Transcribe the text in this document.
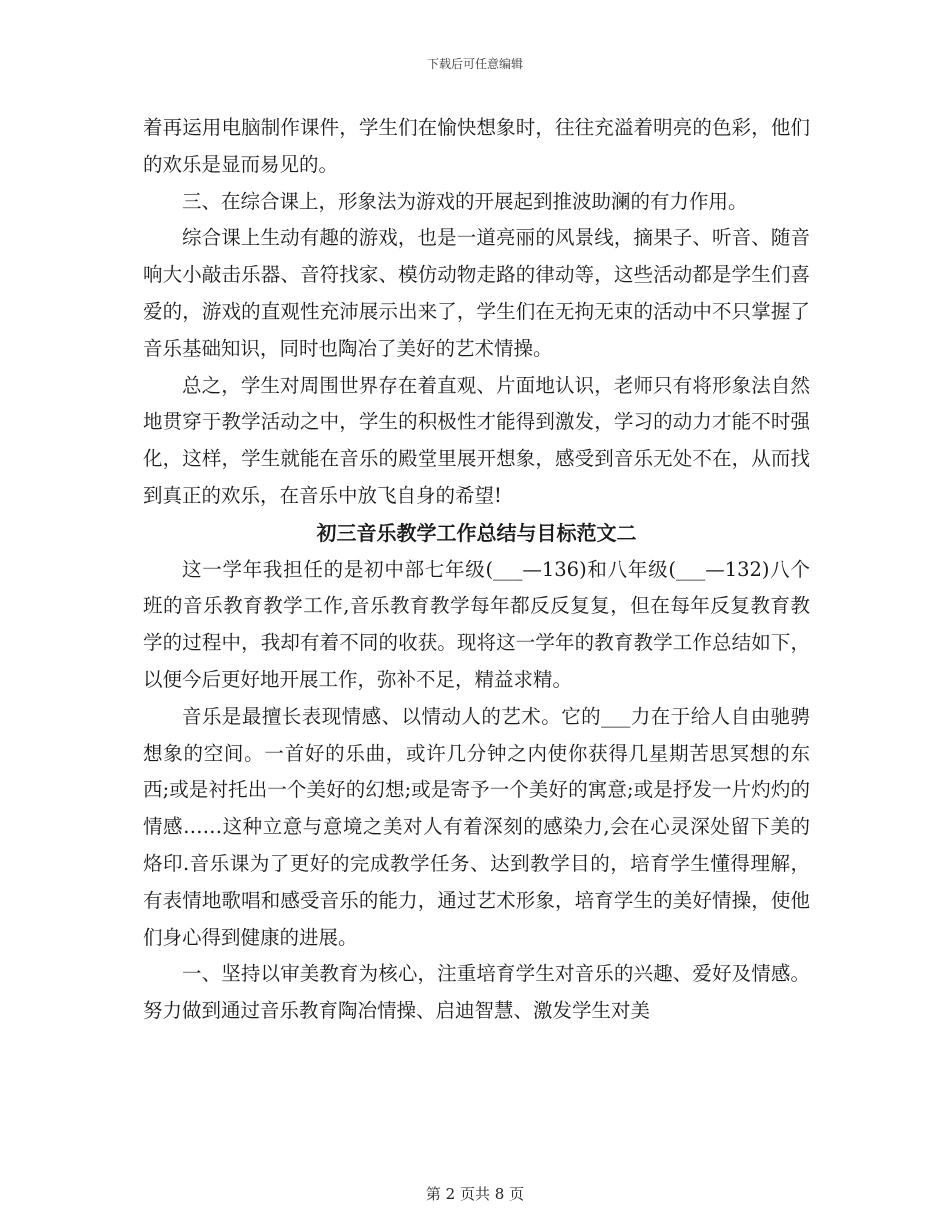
下载后可任意编辑

着再运用电脑制作课件，学生们在愉快想象时，往往充溢着明亮的色彩，他们的欢乐是显而易见的。

三、在综合课上，形象法为游戏的开展起到推波助澜的有力作用。

综合课上生动有趣的游戏，也是一道亮丽的风景线，摘果子、听音、随音响大小敲击乐器、音符找家、模仿动物走路的律动等，这些活动都是学生们喜爱的，游戏的直观性充沛展示出来了，学生们在无拘无束的活动中不只掌握了音乐基础知识，同时也陶冶了美好的艺术情操。

总之，学生对周围世界存在着直观、片面地认识，老师只有将形象法自然地贯穿于教学活动之中，学生的积极性才能得到激发，学习的动力才能不时强化，这样，学生就能在音乐的殿堂里展开想象，感受到音乐无处不在，从而找到真正的欢乐，在音乐中放飞自身的希望!

初三音乐教学工作总结与目标范文二

这一学年我担任的是初中部七年级(___—136)和八年级(___—132)八个班的音乐教育教学工作,音乐教育教学每年都反反复复，但在每年反复教育教学的过程中，我却有着不同的收获。现将这一学年的教育教学工作总结如下，以便今后更好地开展工作，弥补不足，精益求精。

音乐是最擅长表现情感、以情动人的艺术。它的___力在于给人自由驰骋想象的空间。一首好的乐曲，或许几分钟之内使你获得几星期苦思冥想的东西;或是衬托出一个美好的幻想;或是寄予一个美好的寓意;或是抒发一片灼灼的情感……这种立意与意境之美对人有着深刻的感染力,会在心灵深处留下美的烙印.音乐课为了更好的完成教学任务、达到教学目的，培育学生懂得理解，有表情地歌唱和感受音乐的能力，通过艺术形象，培育学生的美好情操，使他们身心得到健康的进展。

一、坚持以审美教育为核心，注重培育学生对音乐的兴趣、爱好及情感。努力做到通过音乐教育陶冶情操、启迪智慧、激发学生对美

第 2 页共 8 页
